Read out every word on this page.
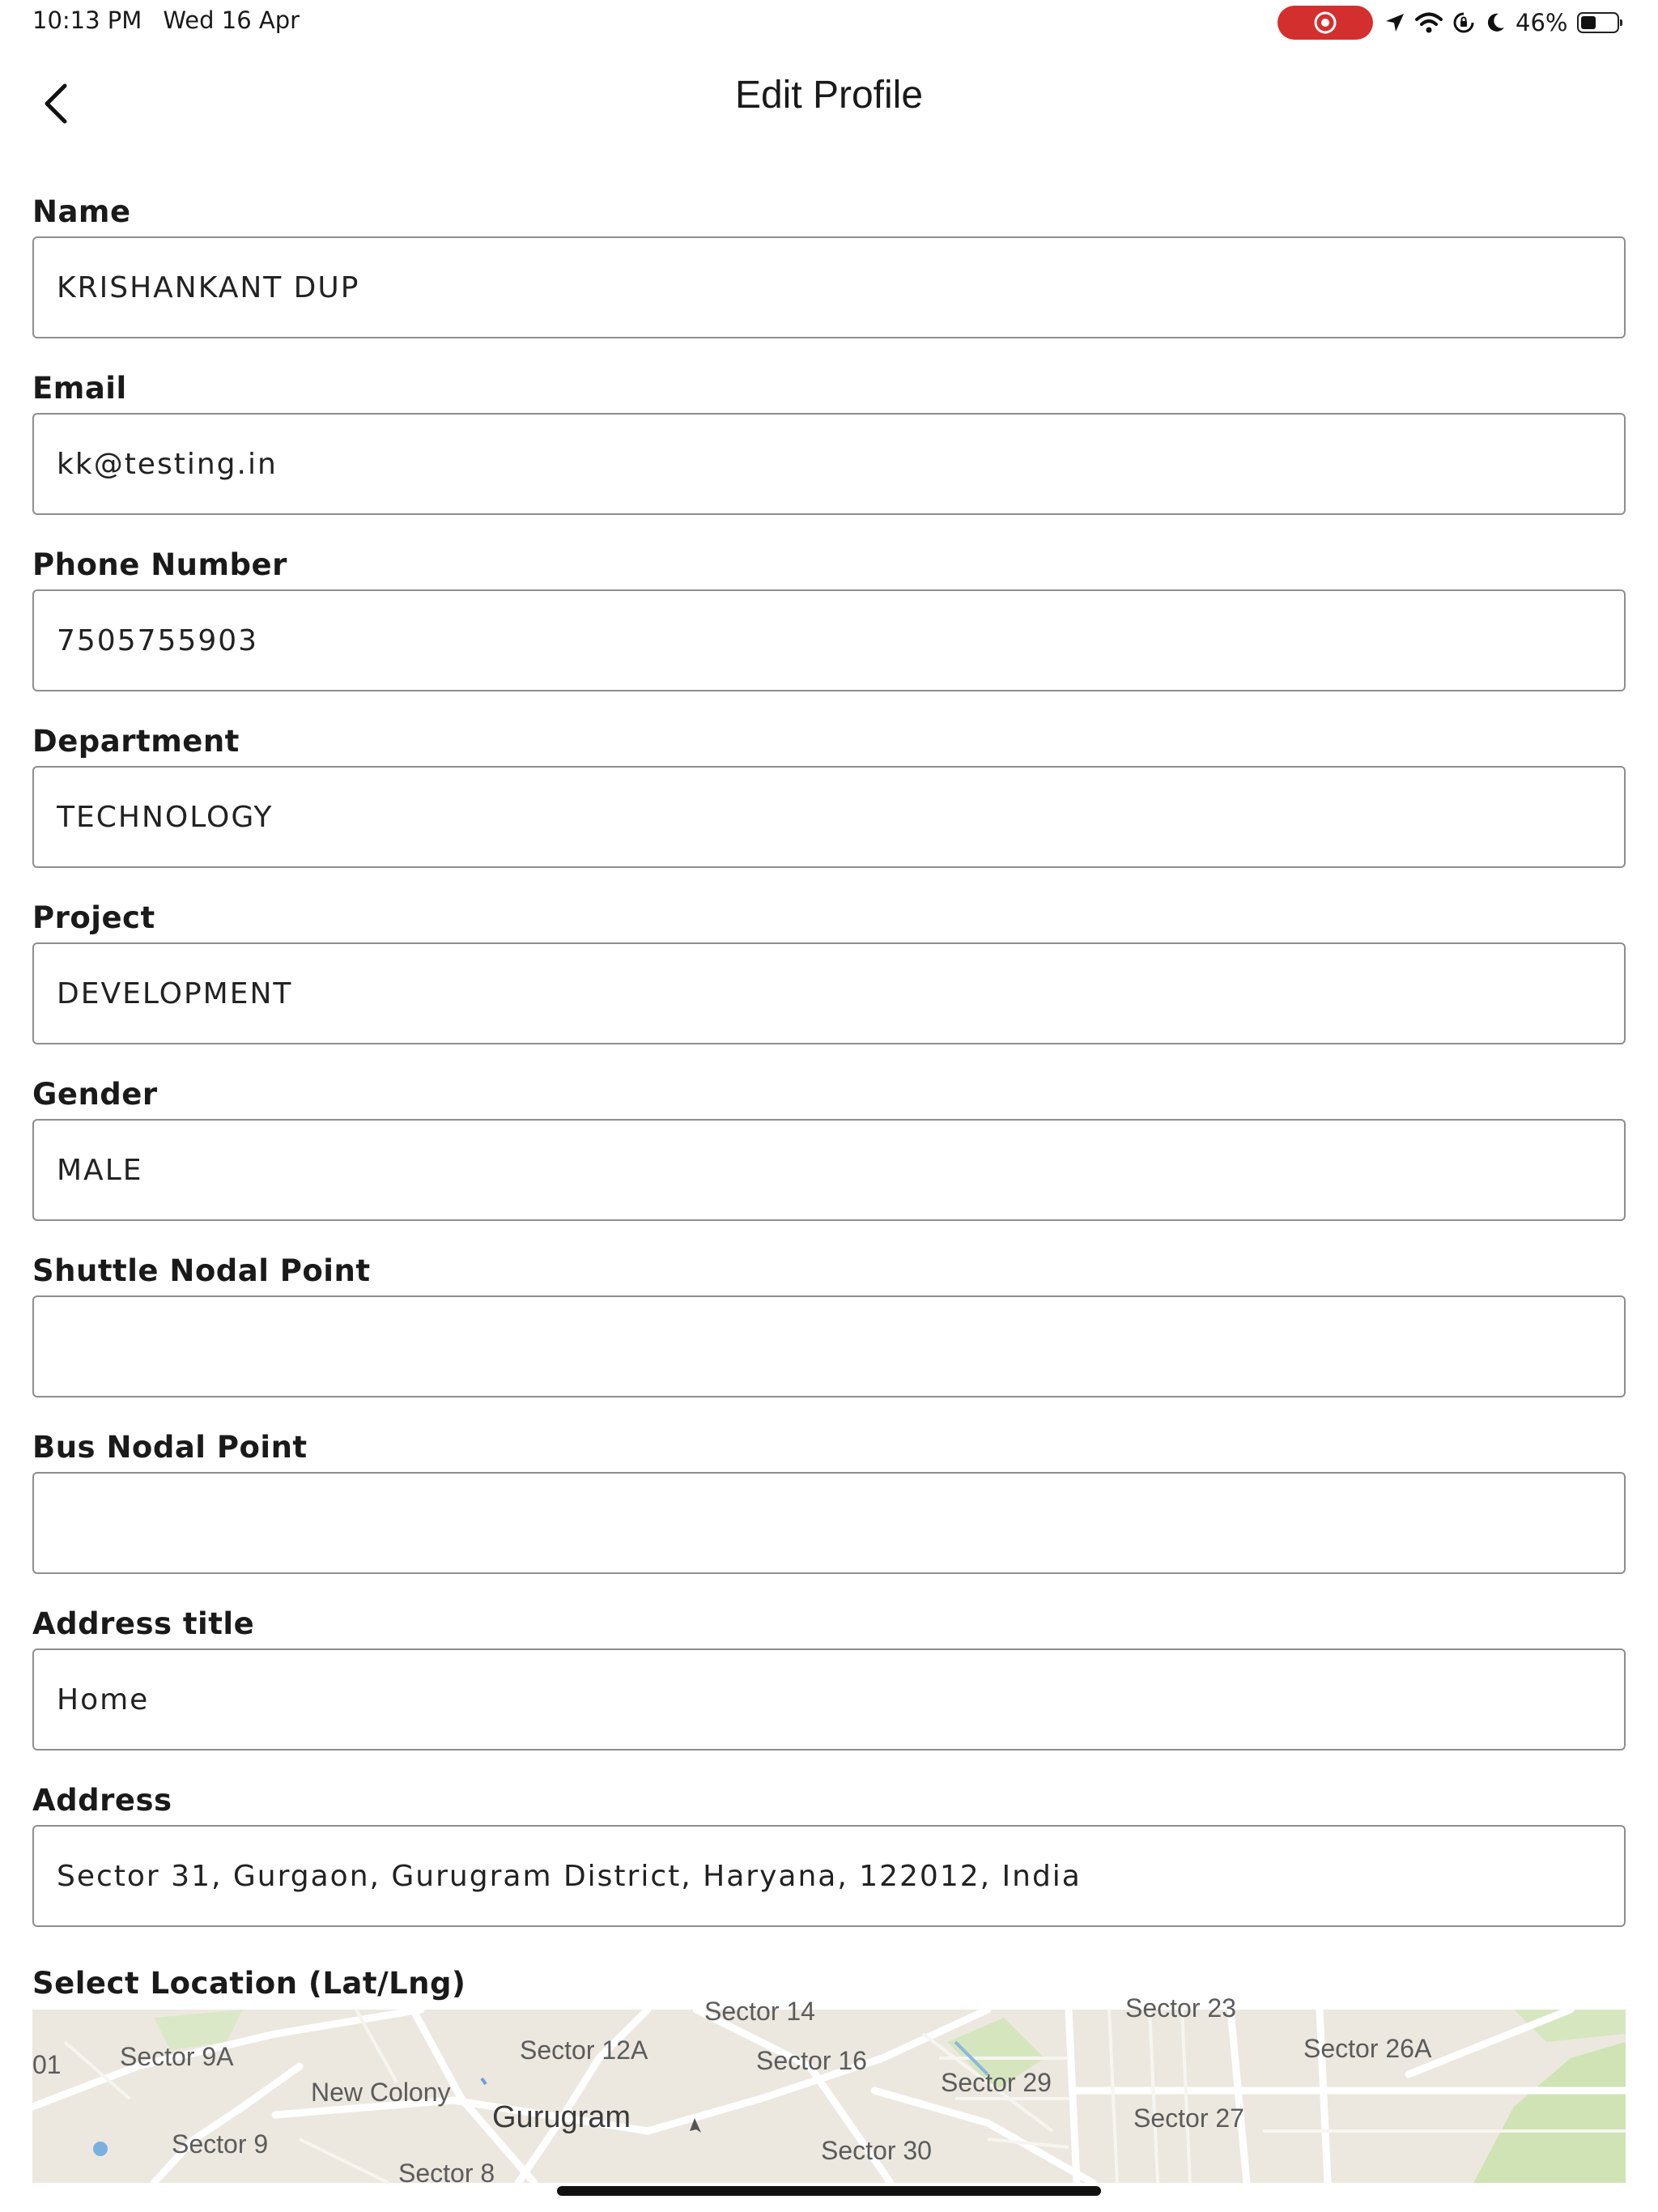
10:13 PM Wed 16 Apr	46%
Edit Profile
Name
KRISHANKANT DUP
Email
kk@testing.in
Phone Number
7505755903
Department
TECHNOLOGY
Project
DEVELOPMENT
Gender
MALE
Shuttle Nodal Point
Bus Nodal Point
Address title
Home
Address
Sector 31, Gurgaon, Gurugram District, Haryana, 122012, India
Select Location (Lat/Lng)
Sector 14	Sector 23
01 Sector 9A	Sector 12A	Sector 16
Sector 29
Sector 26A
New Colony
Gurugram	Sector 27
Sector 9	Sector 30
Sector 8
